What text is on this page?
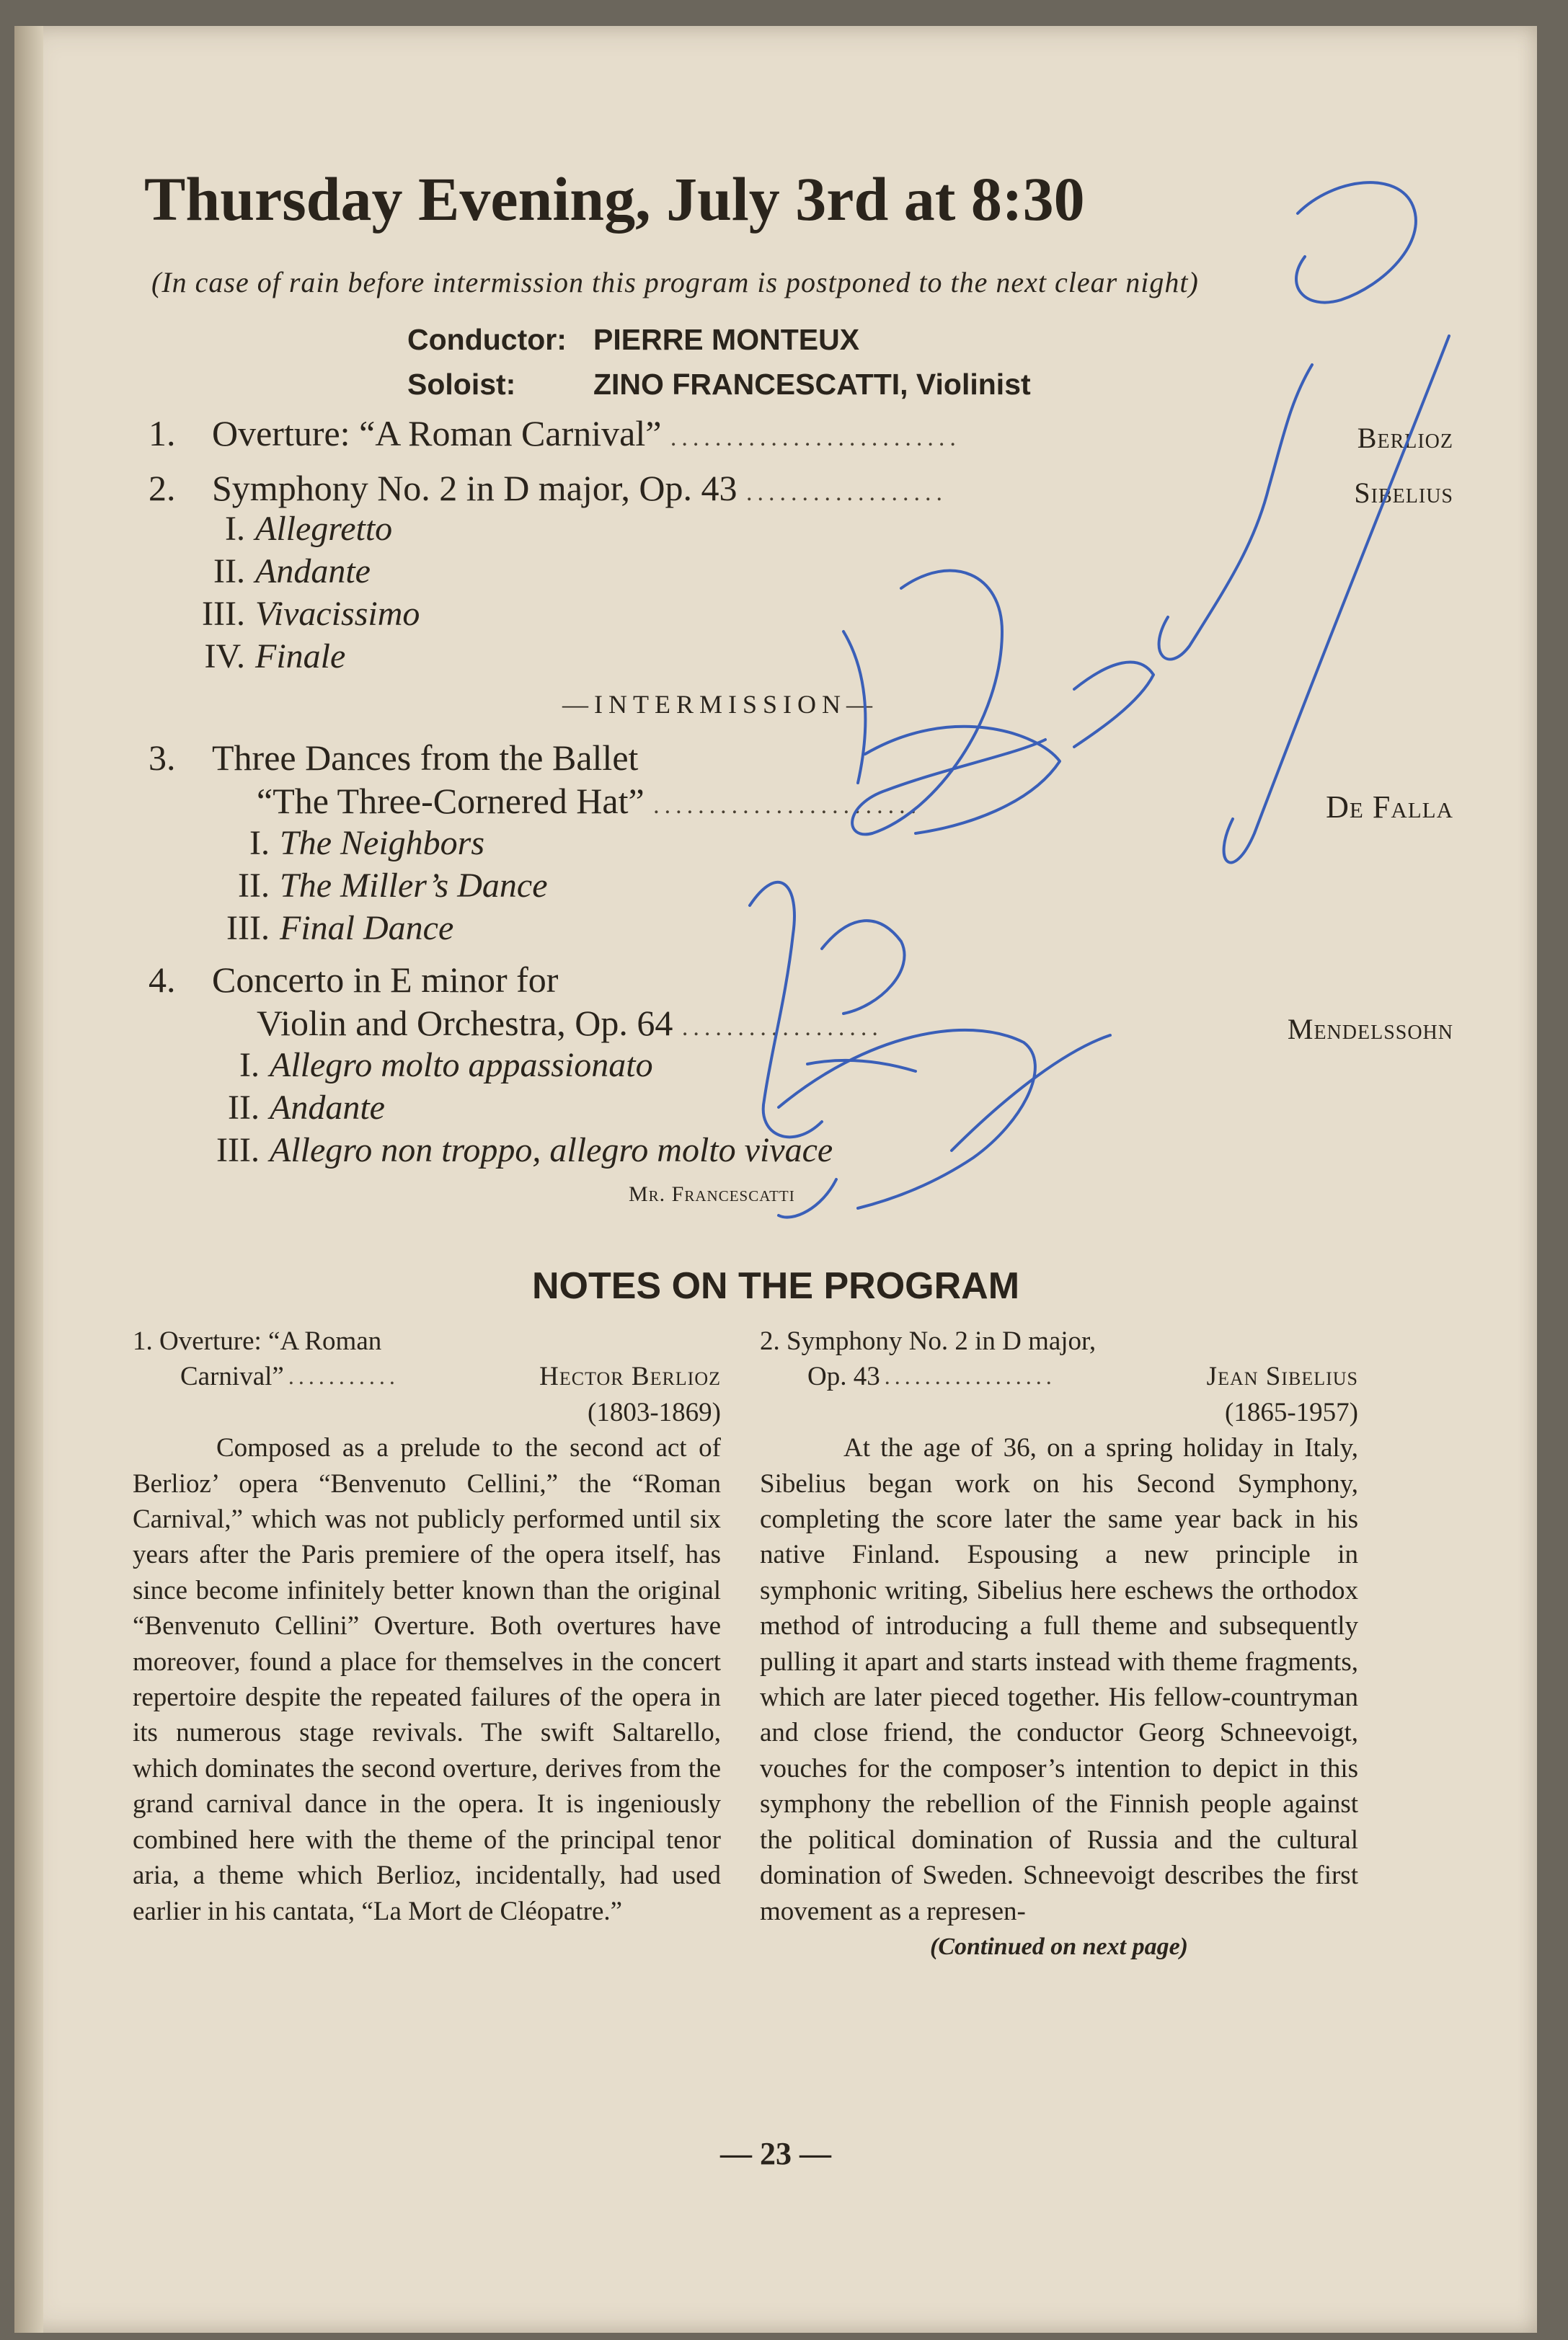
Thursday Evening, July 3rd at 8:30
(In case of rain before intermission this program is postponed to the next clear night)
Conductor: PIERRE MONTEUX
Soloist:	ZINO FRANCESCATTI, Violinist
1. Overture: “A Roman Carnival” ..........................	Berlioz
2. Symphony No. 2 in D major, Op. 43 ..................	Sibelius
I. Allegretto
II. Andante
III. Vivacissimo
IV. Finale
—INTERMISSION—
3. Three Dances from the Ballet
“The Three-Cornered Hat” ........................	De Falla
I. The Neighbors
II. The Miller’s Dance
III. Final Dance
4. Concerto in E minor for
Violin and Orchestra, Op. 64 ..................	Mendelssohn
I. Allegro molto appassionato
II. Andante
III. Allegro non troppo, allegro molto vivace
Mr. Francescatti
NOTES ON THE PROGRAM
1. Overture: “A Roman
Carnival” ...........	Hector Berlioz
(1803-1869)

Composed as a prelude to the second act of Berlioz’ opera “Benvenuto Cellini,” the “Roman Carnival,” which was not publicly performed until six years after the Paris premiere of the opera itself, has since become infinitely better known than the original “Benvenuto Cellini” Overture. Both overtures have moreover, found a place for themselves in the concert repertoire despite the repeated failures of the opera in its numerous stage revivals. The swift Saltarello, which dominates the second overture, derives from the grand carnival dance in the opera. It is ingeniously combined here with the theme of the principal tenor aria, a theme which Berlioz, incidentally, had used earlier in his cantata, “La Mort de Cléopatre.”

2. Symphony No. 2 in D major,
Op. 43 .................	Jean Sibelius
(1865-1957)

At the age of 36, on a spring holiday in Italy, Sibelius began work on his Second Symphony, completing the score later the same year back in his native Finland. Espousing a new principle in symphonic writing, Sibelius here eschews the orthodox method of introducing a full theme and subsequently pulling it apart and starts instead with theme fragments, which are later pieced together. His fellow-countryman and close friend, the conductor Georg Schneevoigt, vouches for the composer’s intention to depict in this symphony the rebellion of the Finnish people against the political domination of Russia and the cultural domination of Sweden. Schneevoigt describes the first movement as a represen-

(Continued on next page)
— 23 —
